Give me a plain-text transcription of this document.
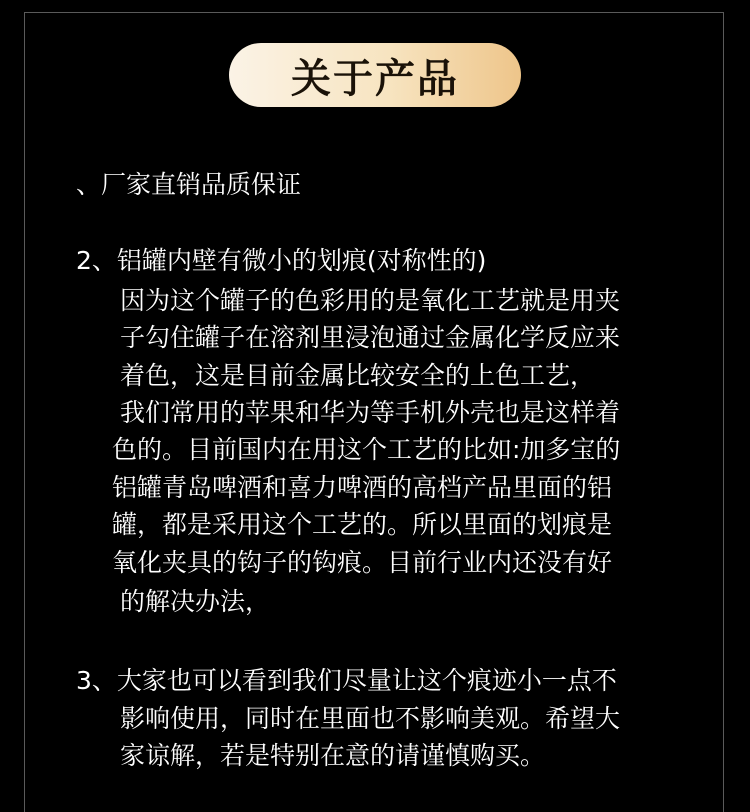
关于产品
、厂家直销品质保证
2、铝罐内壁有微小的划痕(对称性的)
因为这个罐子的色彩用的是氧化工艺就是用夹
子勾住罐子在溶剂里浸泡通过金属化学反应来
着色，这是目前金属比较安全的上色工艺，
我们常用的苹果和华为等手机外壳也是这样着
色的。目前国内在用这个工艺的比如:加多宝的
铝罐青岛啤酒和喜力啤酒的高档产品里面的铝
罐，都是采用这个工艺的。所以里面的划痕是
氧化夹具的钩子的钩痕。目前行业内还没有好
的解决办法，
3、大家也可以看到我们尽量让这个痕迹小一点不
影响使用，同时在里面也不影响美观。希望大
家谅解，若是特别在意的请谨慎购买。
